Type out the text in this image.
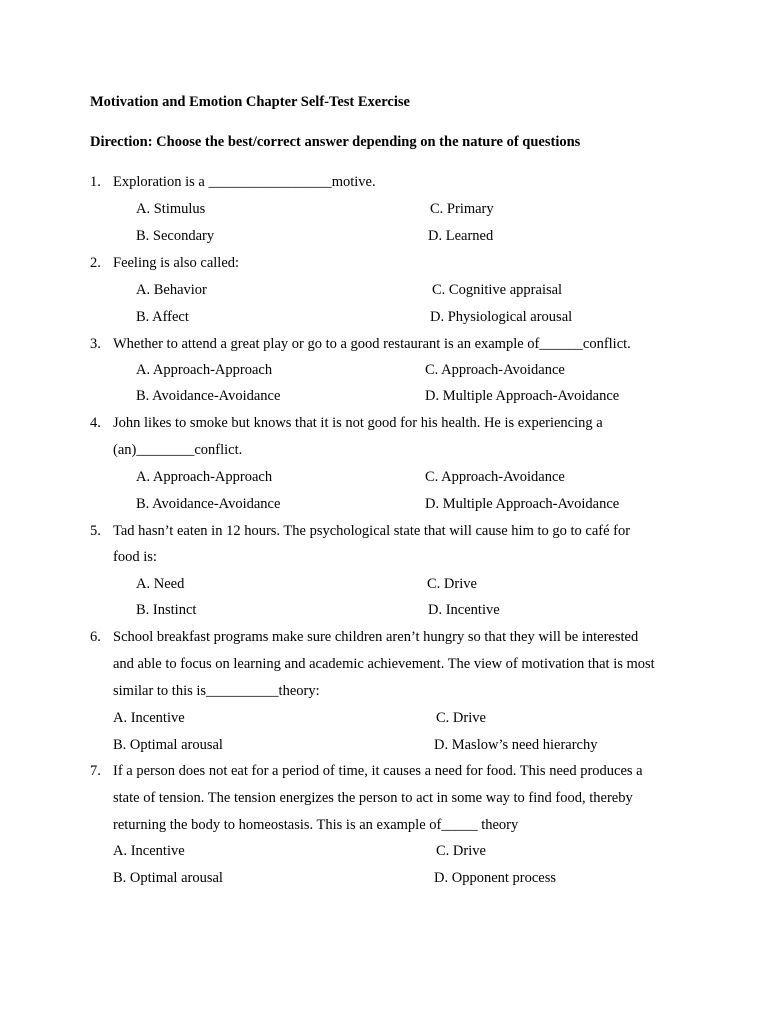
Motivation and Emotion Chapter Self-Test Exercise
Direction: Choose the best/correct answer depending on the nature of questions
1. Exploration is a _________________motive.
A. Stimulus	C. Primary
B. Secondary	D. Learned
2. Feeling is also called:
A. Behavior	C. Cognitive appraisal
B. Affect	D. Physiological arousal
3. Whether to attend a great play or go to a good restaurant is an example of______conflict.
A. Approach-Approach	C. Approach-Avoidance
B. Avoidance-Avoidance	D. Multiple Approach-Avoidance
4. John likes to smoke but knows that it is not good for his health. He is experiencing a
(an)________conflict.
A. Approach-Approach	C. Approach-Avoidance
B. Avoidance-Avoidance	D. Multiple Approach-Avoidance
5. Tad hasn’t eaten in 12 hours. The psychological state that will cause him to go to café for
food is:
A. Need	C. Drive
B. Instinct	D. Incentive
6. School breakfast programs make sure children aren’t hungry so that they will be interested
and able to focus on learning and academic achievement. The view of motivation that is most
similar to this is__________theory:
A. Incentive	C. Drive
B. Optimal arousal	D. Maslow’s need hierarchy
7. If a person does not eat for a period of time, it causes a need for food. This need produces a
state of tension. The tension energizes the person to act in some way to find food, thereby
returning the body to homeostasis. This is an example of_____ theory
A. Incentive	C. Drive
B. Optimal arousal	D. Opponent process
